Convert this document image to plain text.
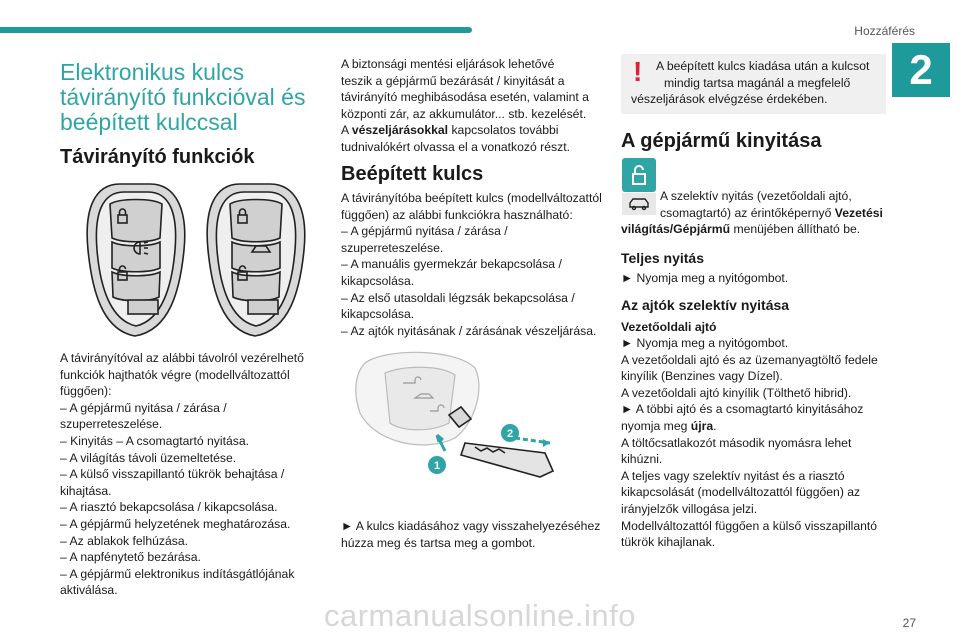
Hozzáférés
2
Elektronikus kulcs
távirányító funkcióval és
beépített kulccsal
Távirányító funkciók
A távirányítóval az alábbi távolról vezérelhető
funkciók hajthatók végre (modellváltozattól
függően):
– A gépjármű nyitása / zárása /
szuperreteszelése.
– Kinyitás – A csomagtartó nyitása.
– A világítás távoli üzemeltetése.
– A külső visszapillantó tükrök behajtása /
kihajtása.
– A riasztó bekapcsolása / kikapcsolása.
– A gépjármű helyzetének meghatározása.
– Az ablakok felhúzása.
– A napfénytető bezárása.
– A gépjármű elektronikus indításgátlójának
aktiválása.
A biztonsági mentési eljárások lehetővé
teszik a gépjármű bezárását / kinyitását a
távirányító meghibásodása esetén, valamint a
központi zár, az akkumulátor... stb. kezelését.
A vészeljárásokkal kapcsolatos további
tudnivalókért olvassa el a vonatkozó részt.
Beépített kulcs
A távirányítóba beépített kulcs (modellváltozattól
függően) az alábbi funkciókra használható:
– A gépjármű nyitása / zárása /
szuperreteszelése.
– A manuális gyermekzár bekapcsolása /
kikapcsolása.
– Az első utasoldali légzsák bekapcsolása /
kikapcsolása.
– Az ajtók nyitásának / zárásának vészeljárása.
1
2
► A kulcs kiadásához vagy visszahelyezéséhez
húzza meg és tartsa meg a gombot.
! A beépített kulcs kiadása után a kulcsot
mindig tartsa magánál a megfelelő
vészeljárások elvégzése érdekében.
A gépjármű kinyitása
A szelektív nyitás (vezetőoldali ajtó,
csomagtartó) az érintőképernyő Vezetési
világítás/Gépjármű menüjében állítható be.
Teljes nyitás
► Nyomja meg a nyitógombot.
Az ajtók szelektív nyitása
Vezetőoldali ajtó
► Nyomja meg a nyitógombot.
A vezetőoldali ajtó és az üzemanyagtöltő fedele
kinyílik (Benzines vagy Dízel).
A vezetőoldali ajtó kinyílik (Tölthető hibrid).
► A többi ajtó és a csomagtartó kinyitásához
nyomja meg újra.
A töltőcsatlakozót második nyomásra lehet
kihúzni.
A teljes vagy szelektív nyitást és a riasztó
kikapcsolását (modellváltozattól függően) az
irányjelzők villogása jelzi.
Modellváltozattól függően a külső visszapillantó
tükrök kihajlanak.
carmanualsonline.info	27
